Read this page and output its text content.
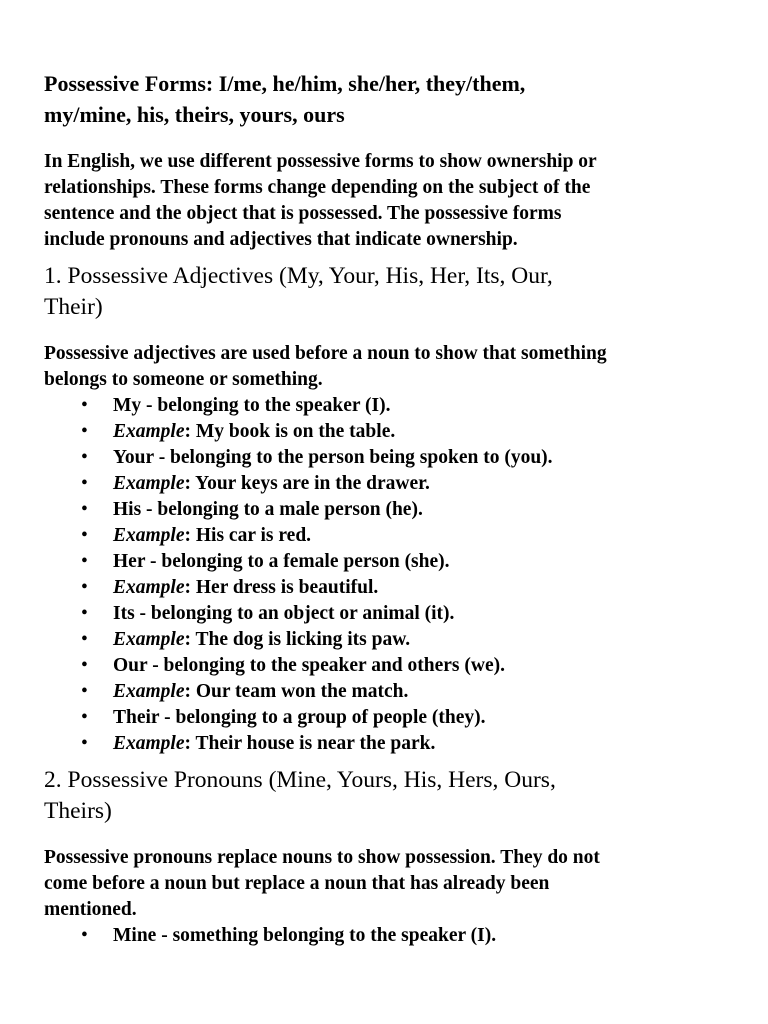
Possessive Forms: I/me, he/him, she/her, they/them,
my/mine, his, theirs, yours, ours

In English, we use different possessive forms to show ownership or
relationships. These forms change depending on the subject of the
sentence and the object that is possessed. The possessive forms
include pronouns and adjectives that indicate ownership.

1. Possessive Adjectives (My, Your, His, Her, Its, Our,
Their)

Possessive adjectives are used before a noun to show that something
belongs to someone or something.

• My - belonging to the speaker (I).
• Example: My book is on the table.
• Your - belonging to the person being spoken to (you).
• Example: Your keys are in the drawer.
• His - belonging to a male person (he).
• Example: His car is red.
• Her - belonging to a female person (she).
• Example: Her dress is beautiful.
• Its - belonging to an object or animal (it).
• Example: The dog is licking its paw.
• Our - belonging to the speaker and others (we).
• Example: Our team won the match.
• Their - belonging to a group of people (they).
• Example: Their house is near the park.
2. Possessive Pronouns (Mine, Yours, His, Hers, Ours,
Theirs)

Possessive pronouns replace nouns to show possession. They do not
come before a noun but replace a noun that has already been
mentioned.

• Mine - something belonging to the speaker (I).
